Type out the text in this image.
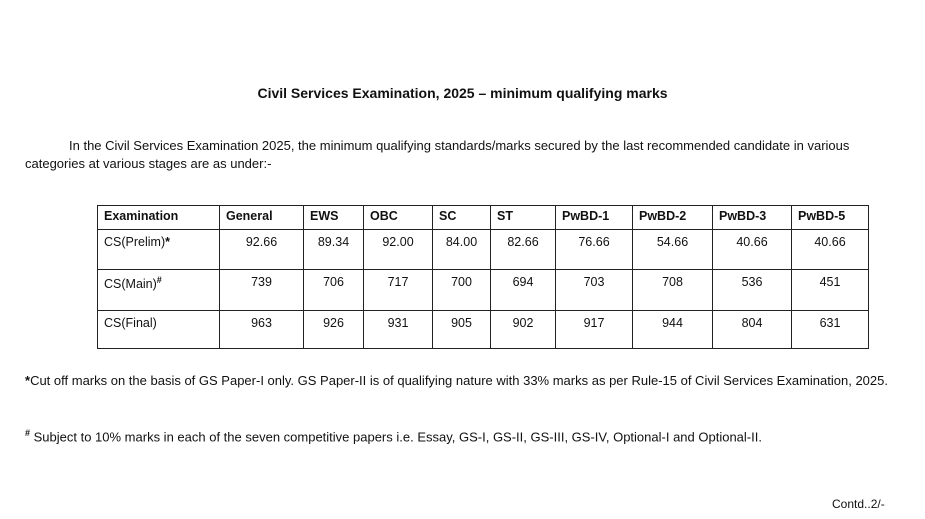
Civil Services Examination, 2025 – minimum qualifying marks
In the Civil Services Examination 2025, the minimum qualifying standards/marks secured by the last recommended candidate in various categories at various stages are as under:-
Examination	General	EWS	OBC	SC	ST	PwBD-1	PwBD-2	PwBD-3	PwBD-5
CS(Prelim)*	92.66	89.34	92.00	84.00	82.66	76.66	54.66	40.66	40.66
CS(Main)#	739	706	717	700	694	703	708	536	451
CS(Final)	963	926	931	905	902	917	944	804	631
*Cut off marks on the basis of GS Paper-I only. GS Paper-II is of qualifying nature with 33% marks as per Rule-15 of Civil Services Examination, 2025.
# Subject to 10% marks in each of the seven competitive papers i.e. Essay, GS-I, GS-II, GS-III, GS-IV, Optional-I and Optional-II.
Contd..2/-
